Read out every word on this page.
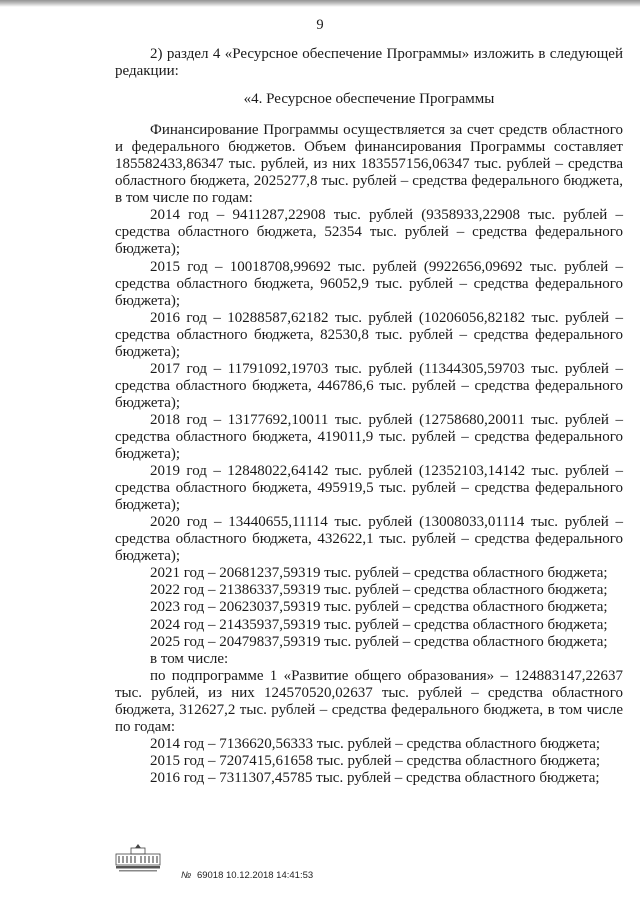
9

2) раздел 4 «Ресурсное обеспечение Программы» изложить в следующей редакции:

«4. Ресурсное обеспечение Программы

Финансирование Программы осуществляется за счет средств областного и федерального бюджетов. Объем финансирования Программы составляет 185582433,86347 тыс. рублей, из них 183557156,06347 тыс. рублей – средства областного бюджета, 2025277,8 тыс. рублей – средства федерального бюджета, в том числе по годам:

2014 год – 9411287,22908 тыс. рублей (9358933,22908 тыс. рублей – средства областного бюджета, 52354 тыс. рублей – средства федерального бюджета);

2015 год – 10018708,99692 тыс. рублей (9922656,09692 тыс. рублей – средства областного бюджета, 96052,9 тыс. рублей – средства федерального бюджета);

2016 год – 10288587,62182 тыс. рублей (10206056,82182 тыс. рублей – средства областного бюджета, 82530,8 тыс. рублей – средства федерального бюджета);

2017 год – 11791092,19703 тыс. рублей (11344305,59703 тыс. рублей – средства областного бюджета, 446786,6 тыс. рублей – средства федерального бюджета);

2018 год – 13177692,10011 тыс. рублей (12758680,20011 тыс. рублей – средства областного бюджета, 419011,9 тыс. рублей – средства федерального бюджета);

2019 год – 12848022,64142 тыс. рублей (12352103,14142 тыс. рублей – средства областного бюджета, 495919,5 тыс. рублей – средства федерального бюджета);

2020 год – 13440655,11114 тыс. рублей (13008033,01114 тыс. рублей – средства областного бюджета, 432622,1 тыс. рублей – средства федерального бюджета);

2021 год – 20681237,59319 тыс. рублей – средства областного бюджета;

2022 год – 21386337,59319 тыс. рублей – средства областного бюджета;

2023 год – 20623037,59319 тыс. рублей – средства областного бюджета;

2024 год – 21435937,59319 тыс. рублей – средства областного бюджета;

2025 год – 20479837,59319 тыс. рублей – средства областного бюджета;

в том числе:

по подпрограмме 1 «Развитие общего образования» – 124883147,22637 тыс. рублей, из них 124570520,02637 тыс. рублей – средства областного бюджета, 312627,2 тыс. рублей – средства федерального бюджета, в том числе по годам:

2014 год – 7136620,56333 тыс. рублей – средства областного бюджета;

2015 год – 7207415,61658 тыс. рублей – средства областного бюджета;

2016 год – 7311307,45785 тыс. рублей – средства областного бюджета;

№ 69018 10.12.2018 14:41:53
